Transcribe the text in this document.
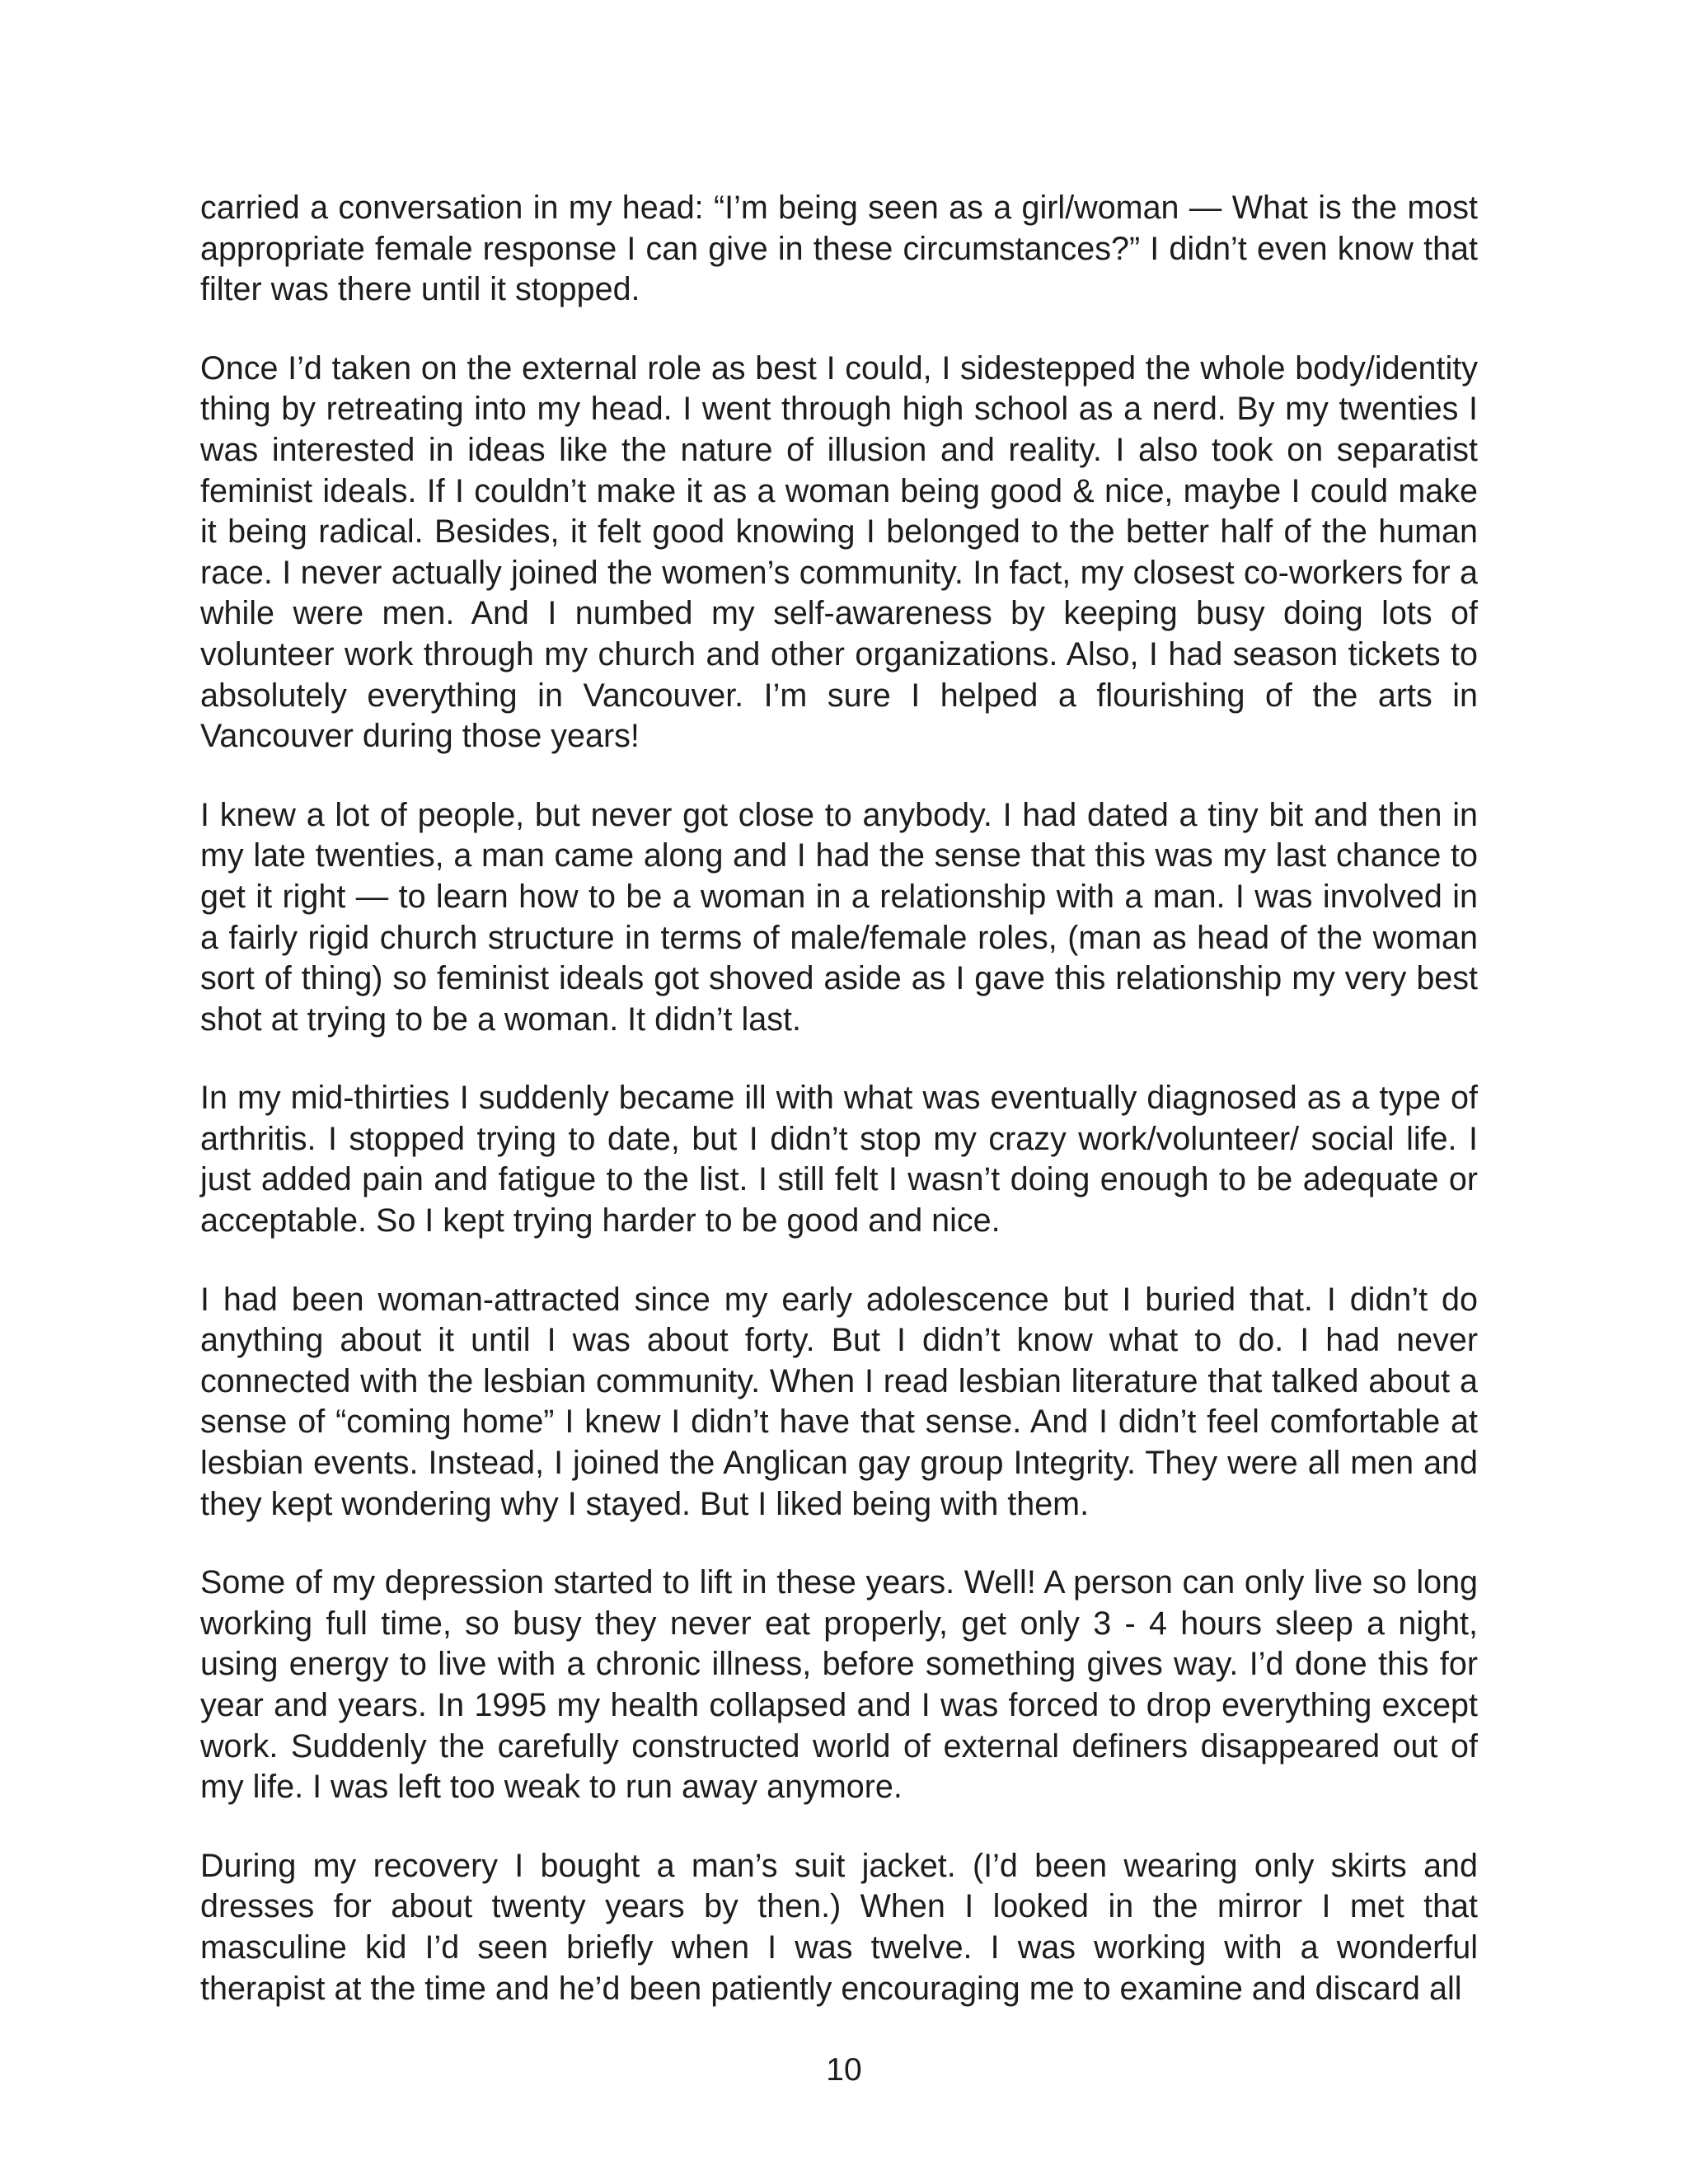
carried a conversation in my head: “I’m being seen as a girl/woman — What is the most appropriate female response I can give in these circumstances?” I didn’t even know that filter was there until it stopped.

Once I’d taken on the external role as best I could, I sidestepped the whole body/identity thing by retreating into my head. I went through high school as a nerd. By my twenties I was interested in ideas like the nature of illusion and reality. I also took on separatist feminist ideals. If I couldn’t make it as a woman being good & nice, maybe I could make it being radical. Besides, it felt good knowing I belonged to the better half of the human race. I never actually joined the women’s community. In fact, my closest co-workers for a while were men. And I numbed my self-awareness by keeping busy doing lots of volunteer work through my church and other organizations. Also, I had season tickets to absolutely everything in Vancouver. I’m sure I helped a flourishing of the arts in Vancouver during those years!

I knew a lot of people, but never got close to anybody. I had dated a tiny bit and then in my late twenties, a man came along and I had the sense that this was my last chance to get it right — to learn how to be a woman in a relationship with a man. I was involved in a fairly rigid church structure in terms of male/female roles, (man as head of the woman sort of thing) so feminist ideals got shoved aside as I gave this relationship my very best shot at trying to be a woman. It didn’t last.

In my mid-thirties I suddenly became ill with what was eventually diagnosed as a type of arthritis. I stopped trying to date, but I didn’t stop my crazy work/volunteer/ social life. I just added pain and fatigue to the list. I still felt I wasn’t doing enough to be adequate or acceptable. So I kept trying harder to be good and nice.

I had been woman-attracted since my early adolescence but I buried that. I didn’t do anything about it until I was about forty. But I didn’t know what to do. I had never connected with the lesbian community. When I read lesbian literature that talked about a sense of “coming home” I knew I didn’t have that sense. And I didn’t feel comfortable at lesbian events. Instead, I joined the Anglican gay group Integrity. They were all men and they kept wondering why I stayed. But I liked being with them.

Some of my depression started to lift in these years. Well! A person can only live so long working full time, so busy they never eat properly, get only 3 - 4 hours sleep a night, using energy to live with a chronic illness, before something gives way. I’d done this for year and years. In 1995 my health collapsed and I was forced to drop everything except work. Suddenly the carefully constructed world of external definers disappeared out of my life. I was left too weak to run away anymore.

During my recovery I bought a man’s suit jacket. (I’d been wearing only skirts and dresses for about twenty years by then.) When I looked in the mirror I met that masculine kid I’d seen briefly when I was twelve. I was working with a wonderful therapist at the time and he’d been patiently encouraging me to examine and discard all

10
